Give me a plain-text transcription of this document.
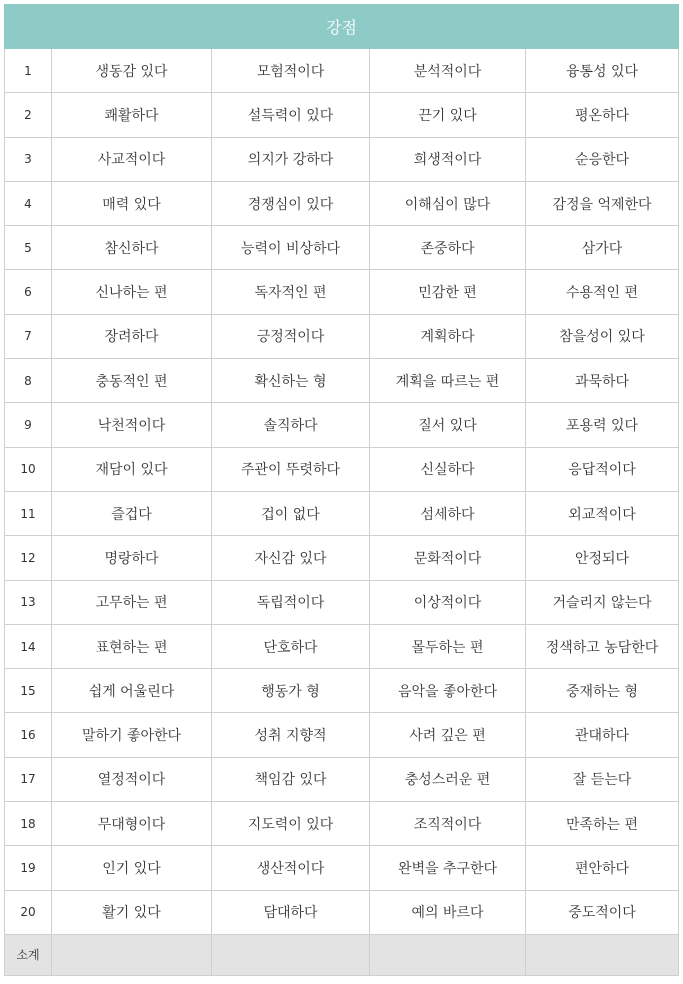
강점				
1	생동감 있다	모험적이다	분석적이다	융통성 있다
2	쾌활하다	설득력이 있다	끈기 있다	평온하다
3	사교적이다	의지가 강하다	희생적이다	순응한다
4	매력 있다	경쟁심이 있다	이해심이 많다	감정을 억제한다
5	참신하다	능력이 비상하다	존중하다	삼가다
6	신나하는 편	독자적인 편	민감한 편	수용적인 편
7	장려하다	긍정적이다	계획하다	참을성이 있다
8	충동적인 편	확신하는 형	계획을 따르는 편	과묵하다
9	낙천적이다	솔직하다	질서 있다	포용력 있다
10	재담이 있다	주관이 뚜렷하다	신실하다	응답적이다
11	즐겁다	겁이 없다	섬세하다	외교적이다
12	명랑하다	자신감 있다	문화적이다	안정되다
13	고무하는 편	독립적이다	이상적이다	거슬리지 않는다
14	표현하는 편	단호하다	몰두하는 편	정색하고 농담한다
15	쉽게 어울린다	행동가 형	음악을 좋아한다	중재하는 형
16	말하기 좋아한다	성취 지향적	사려 깊은 편	관대하다
17	열정적이다	책임감 있다	충성스러운 편	잘 듣는다
18	무대형이다	지도력이 있다	조직적이다	만족하는 편
19	인기 있다	생산적이다	완벽을 추구한다	편안하다
20	활기 있다	담대하다	예의 바르다	중도적이다
소계				
